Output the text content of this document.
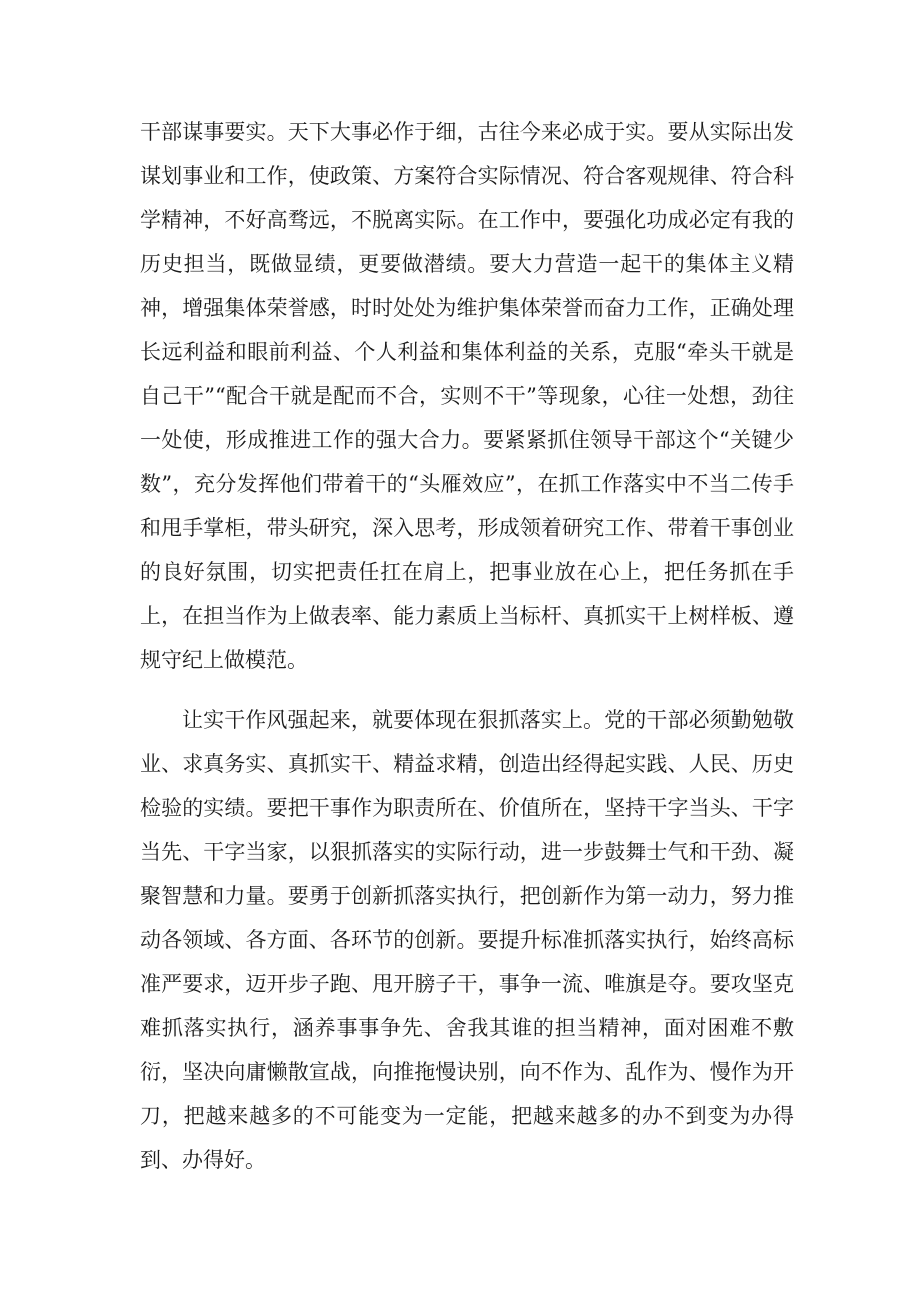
干部谋事要实。天下大事必作于细，古往今来必成于实。要从实际出发谋划事业和工作，使政策、方案符合实际情况、符合客观规律、符合科学精神，不好高骛远，不脱离实际。在工作中，要强化功成必定有我的历史担当，既做显绩，更要做潜绩。要大力营造一起干的集体主义精神，增强集体荣誉感，时时处处为维护集体荣誉而奋力工作，正确处理长远利益和眼前利益、个人利益和集体利益的关系，克服“牵头干就是自己干”“配合干就是配而不合，实则不干”等现象，心往一处想，劲往一处使，形成推进工作的强大合力。要紧紧抓住领导干部这个“关键少数”，充分发挥他们带着干的“头雁效应”，在抓工作落实中不当二传手和甩手掌柜，带头研究，深入思考，形成领着研究工作、带着干事创业的良好氛围，切实把责任扛在肩上，把事业放在心上，把任务抓在手上，在担当作为上做表率、能力素质上当标杆、真抓实干上树样板、遵规守纪上做模范。

让实干作风强起来，就要体现在狠抓落实上。党的干部必须勤勉敬业、求真务实、真抓实干、精益求精，创造出经得起实践、人民、历史检验的实绩。要把干事作为职责所在、价值所在，坚持干字当头、干字当先、干字当家，以狠抓落实的实际行动，进一步鼓舞士气和干劲、凝聚智慧和力量。要勇于创新抓落实执行，把创新作为第一动力，努力推动各领域、各方面、各环节的创新。要提升标准抓落实执行，始终高标准严要求，迈开步子跑、甩开膀子干，事争一流、唯旗是夺。要攻坚克难抓落实执行，涵养事事争先、舍我其谁的担当精神，面对困难不敷衍，坚决向庸懒散宣战，向推拖慢诀别，向不作为、乱作为、慢作为开刀，把越来越多的不可能变为一定能，把越来越多的办不到变为办得到、办得好。
